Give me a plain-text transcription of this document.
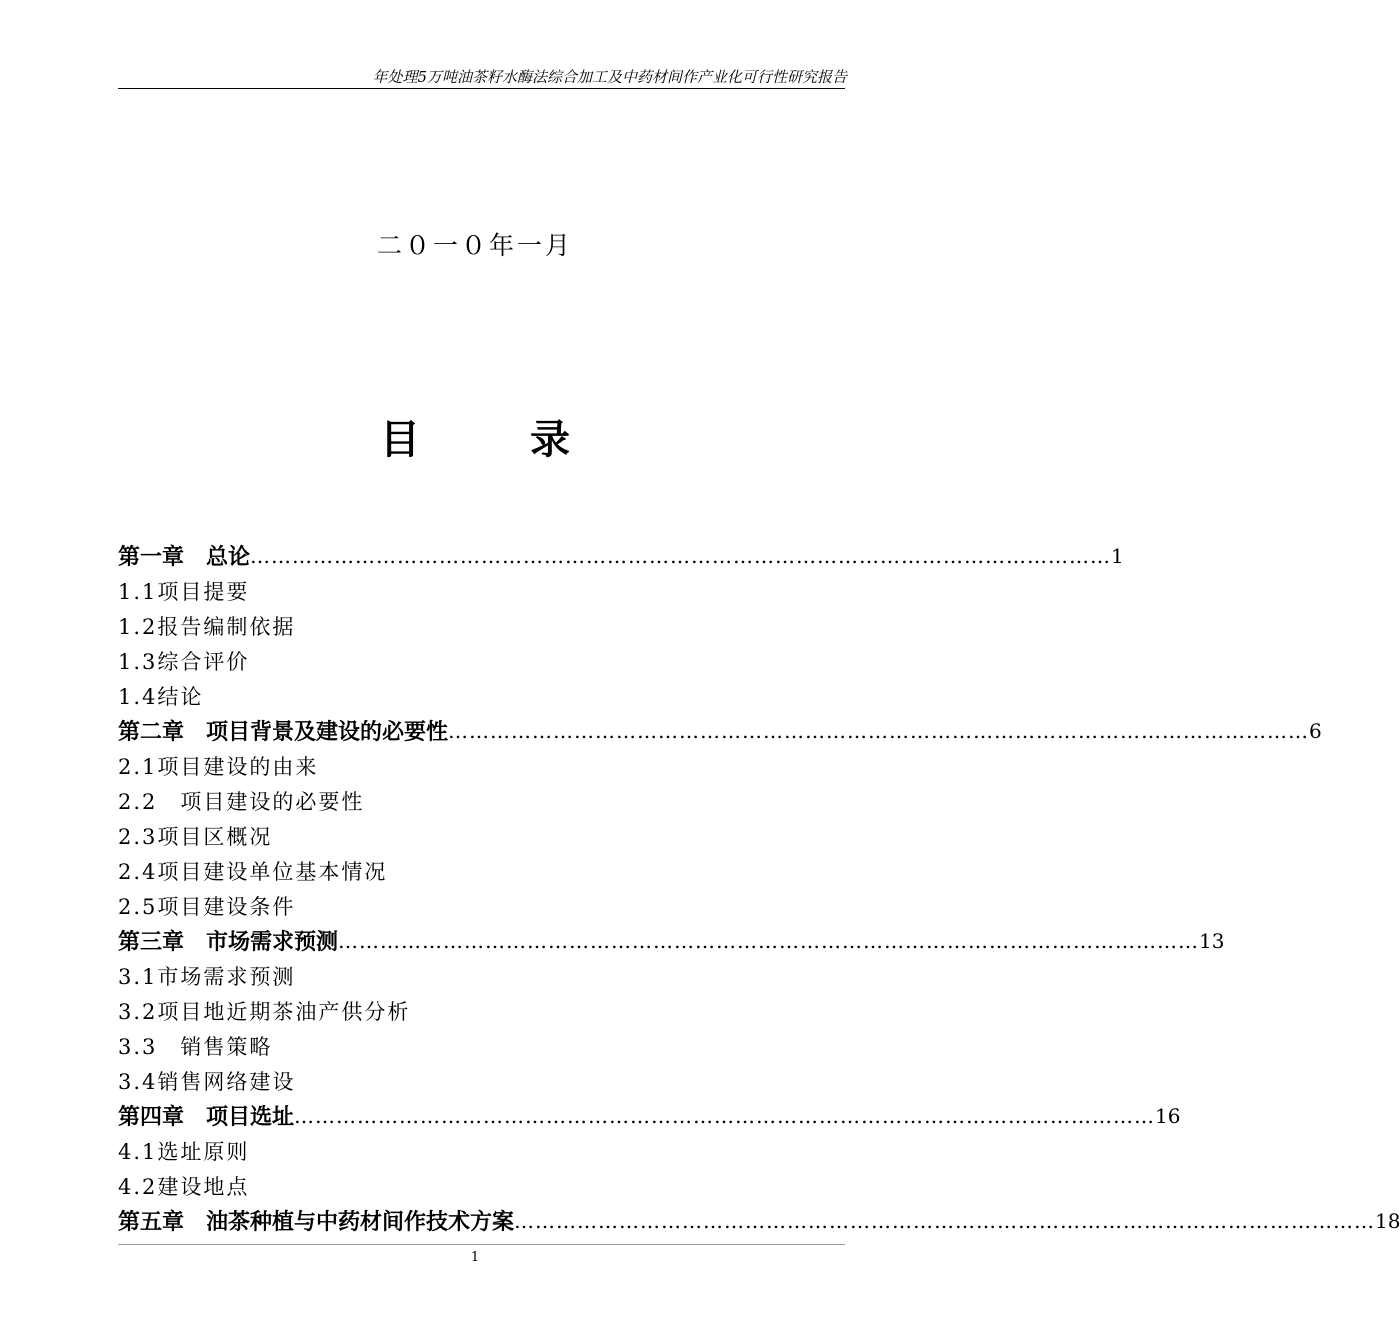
年处理5万吨油茶籽水酶法综合加工及中药材间作产业化可行性研究报告
二０一０年一月
目	录
第一章　总论 …………………………………………………………………………………………………………… 1
1.1项目提要
1.2报告编制依据
1.3综合评价
1.4结论
第二章　项目背景及建设的必要性 …………………………………………………………………………………………………………… 6
2.1项目建设的由来
2.2　项目建设的必要性
2.3项目区概况
2.4项目建设单位基本情况
2.5项目建设条件
第三章　市场需求预测 …………………………………………………………………………………………………………… 13
3.1市场需求预测
3.2项目地近期茶油产供分析
3.3　销售策略
3.4销售网络建设
第四章　项目选址 …………………………………………………………………………………………………………… 16
4.1选址原则
4.2建设地点
第五章　油茶种植与中药材间作技术方案 …………………………………………………………………………………………………………… 18
1
